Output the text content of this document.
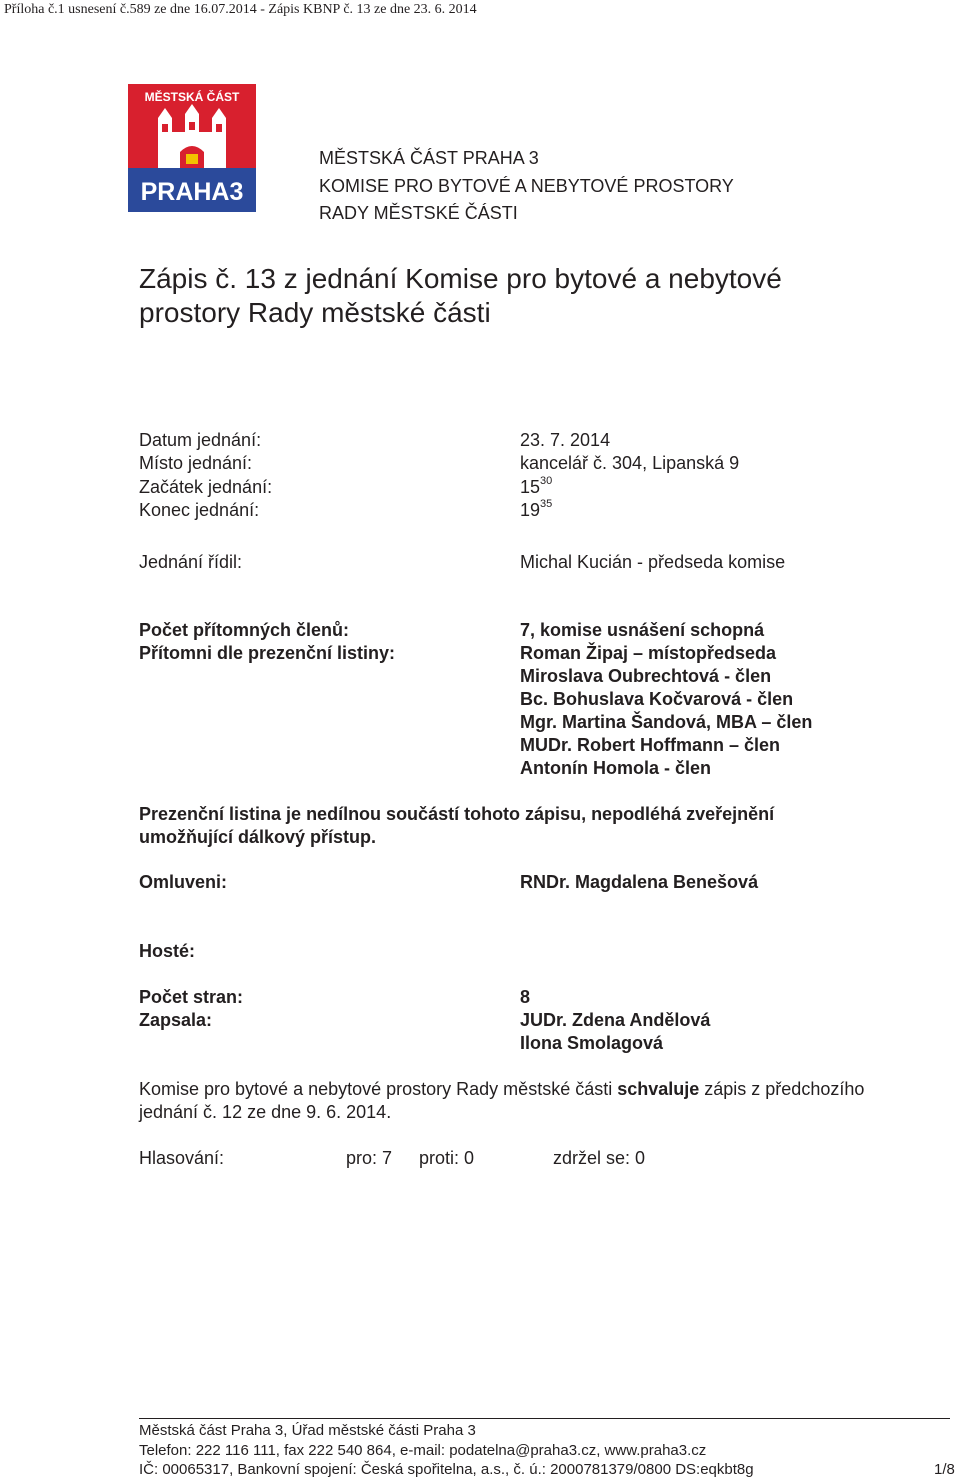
Příloha č.1 usnesení č.589 ze dne 16.07.2014 - Zápis KBNP č. 13 ze dne 23. 6. 2014
MĚSTSKÁ ČÁST
PRAHA3
MĚSTSKÁ ČÁST PRAHA 3
KOMISE PRO BYTOVÉ A NEBYTOVÉ PROSTORY
RADY MĚSTSKÉ ČÁSTI
Zápis č. 13 z jednání Komise pro bytové a nebytové
prostory Rady městské části
Datum jednání:	23. 7. 2014
Místo jednání:	kancelář č. 304, Lipanská 9
Začátek jednání:	$15^{30}$
Konec jednání:	$19^{35}$
Jednání řídil:	Michal Kucián - předseda komise
Počet přítomných členů:	7, komise usnášení schopná
Přítomni dle prezenční listiny:	Roman Žipaj – místopředseda
Miroslava Oubrechtová - člen
Bc. Bohuslava Kočvarová - člen
Mgr. Martina Šandová, MBA – člen
MUDr. Robert Hoffmann – člen
Antonín Homola - člen
Prezenční listina je nedílnou součástí tohoto zápisu, nepodléhá zveřejnění
umožňující dálkový přístup.
Omluveni:	RNDr. Magdalena Benešová
Hosté:
Počet stran:	8
Zapsala:	JUDr. Zdena Andělová
Ilona Smolagová
Komise pro bytové a nebytové prostory Rady městské části schvaluje zápis z předchozího
jednání č. 12 ze dne 9. 6. 2014.
Hlasování:	pro: 7 proti: 0	zdržel se: 0
Městská část Praha 3, Úřad městské části Praha 3
Telefon: 222 116 111, fax 222 540 864, e-mail: podatelna@praha3.cz, www.praha3.cz
IČ: 00065317, Bankovní spojení: Česká spořitelna, a.s., č. ú.: 2000781379/0800 DS:eqkbt8g	1/8
